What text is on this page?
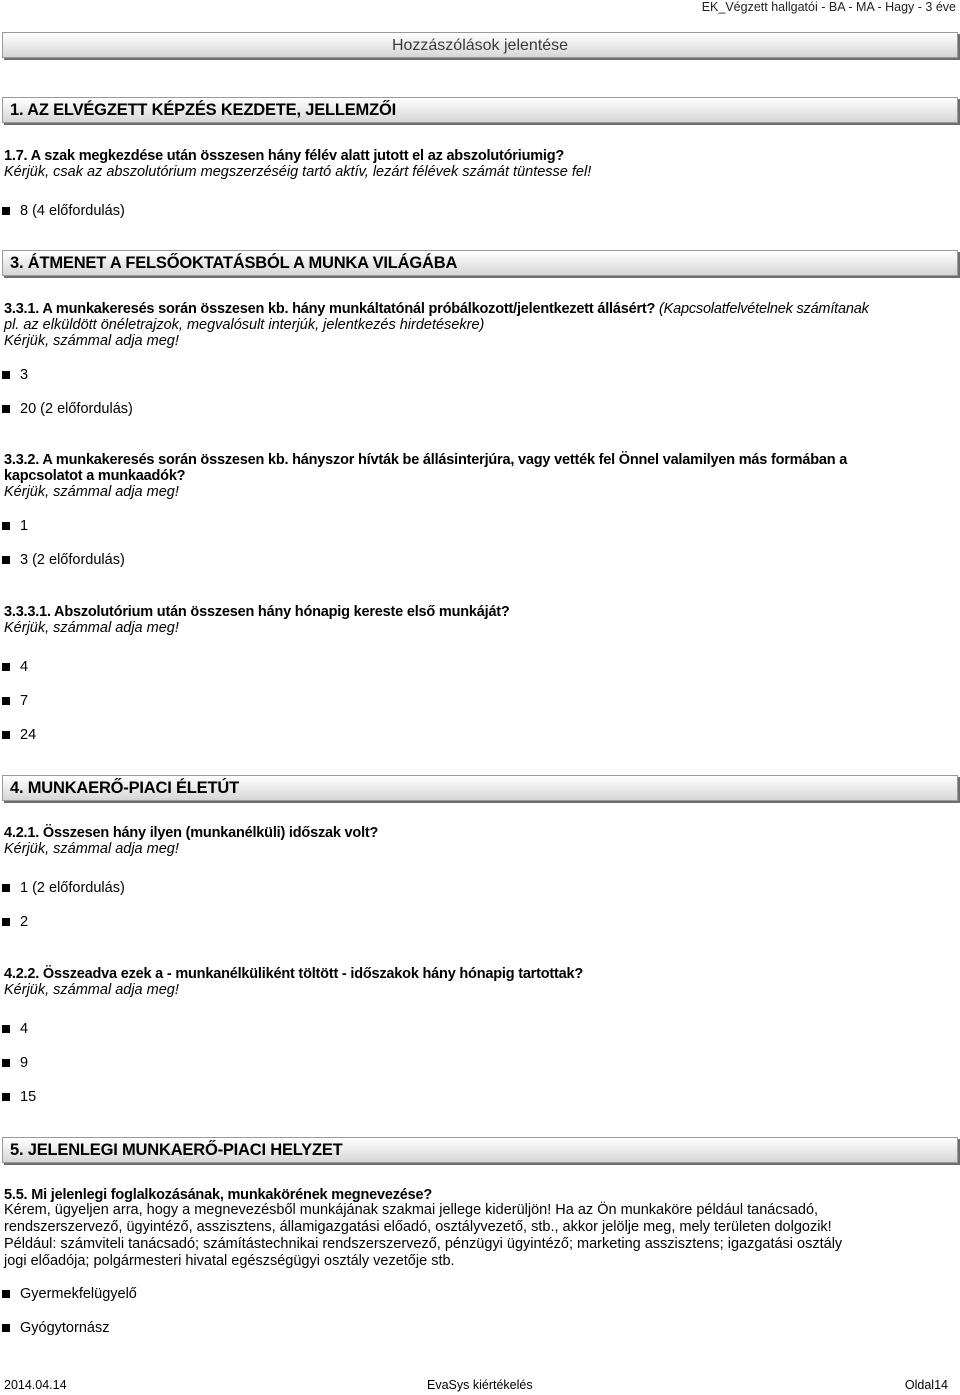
EK_Végzett hallgatói - BA - MA - Hagy - 3 éve
Hozzászólások jelentése
1. AZ ELVÉGZETT KÉPZÉS KEZDETE, JELLEMZŐI
1.7. A szak megkezdése után összesen hány félév alatt jutott el az abszolutóriumig?
Kérjük, csak az abszolutórium megszerzéséig tartó aktív, lezárt félévek számát tüntesse fel!
8 (4 előfordulás)
3. ÁTMENET A FELSŐOKTATÁSBÓL A MUNKA VILÁGÁBA
3.3.1. A munkakeresés során összesen kb. hány munkáltatónál próbálkozott/jelentkezett állásért? (Kapcsolatfelvételnek számítanak
pl. az elküldött önéletrajzok, megvalósult interjúk, jelentkezés hirdetésekre)
Kérjük, számmal adja meg!
3
20 (2 előfordulás)
3.3.2. A munkakeresés során összesen kb. hányszor hívták be állásinterjúra, vagy vették fel Önnel valamilyen más formában a
kapcsolatot a munkaadók?
Kérjük, számmal adja meg!
1
3 (2 előfordulás)
3.3.3.1. Abszolutórium után összesen hány hónapig kereste első munkáját?
Kérjük, számmal adja meg!
4
7
24
4. MUNKAERŐ-PIACI ÉLETÚT
4.2.1. Összesen hány ilyen (munkanélküli) időszak volt?
Kérjük, számmal adja meg!
1 (2 előfordulás)
2
4.2.2. Összeadva ezek a - munkanélküliként töltött - időszakok hány hónapig tartottak?
Kérjük, számmal adja meg!
4
9
15
5. JELENLEGI MUNKAERŐ-PIACI HELYZET
5.5. Mi jelenlegi foglalkozásának, munkakörének megnevezése?
Kérem, ügyeljen arra, hogy a megnevezésből munkájának szakmai jellege kiderüljön! Ha az Ön munkaköre például tanácsadó,
rendszerszervező, ügyintéző, asszisztens, államigazgatási előadó, osztályvezető, stb., akkor jelölje meg, mely területen dolgozik!
Például: számviteli tanácsadó; számítástechnikai rendszerszervező, pénzügyi ügyintéző; marketing asszisztens; igazgatási osztály
jogi előadója; polgármesteri hivatal egészségügyi osztály vezetője stb.
Gyermekfelügyelő
Gyógytornász
2014.04.14	EvaSys kiértékelés	Oldal14
